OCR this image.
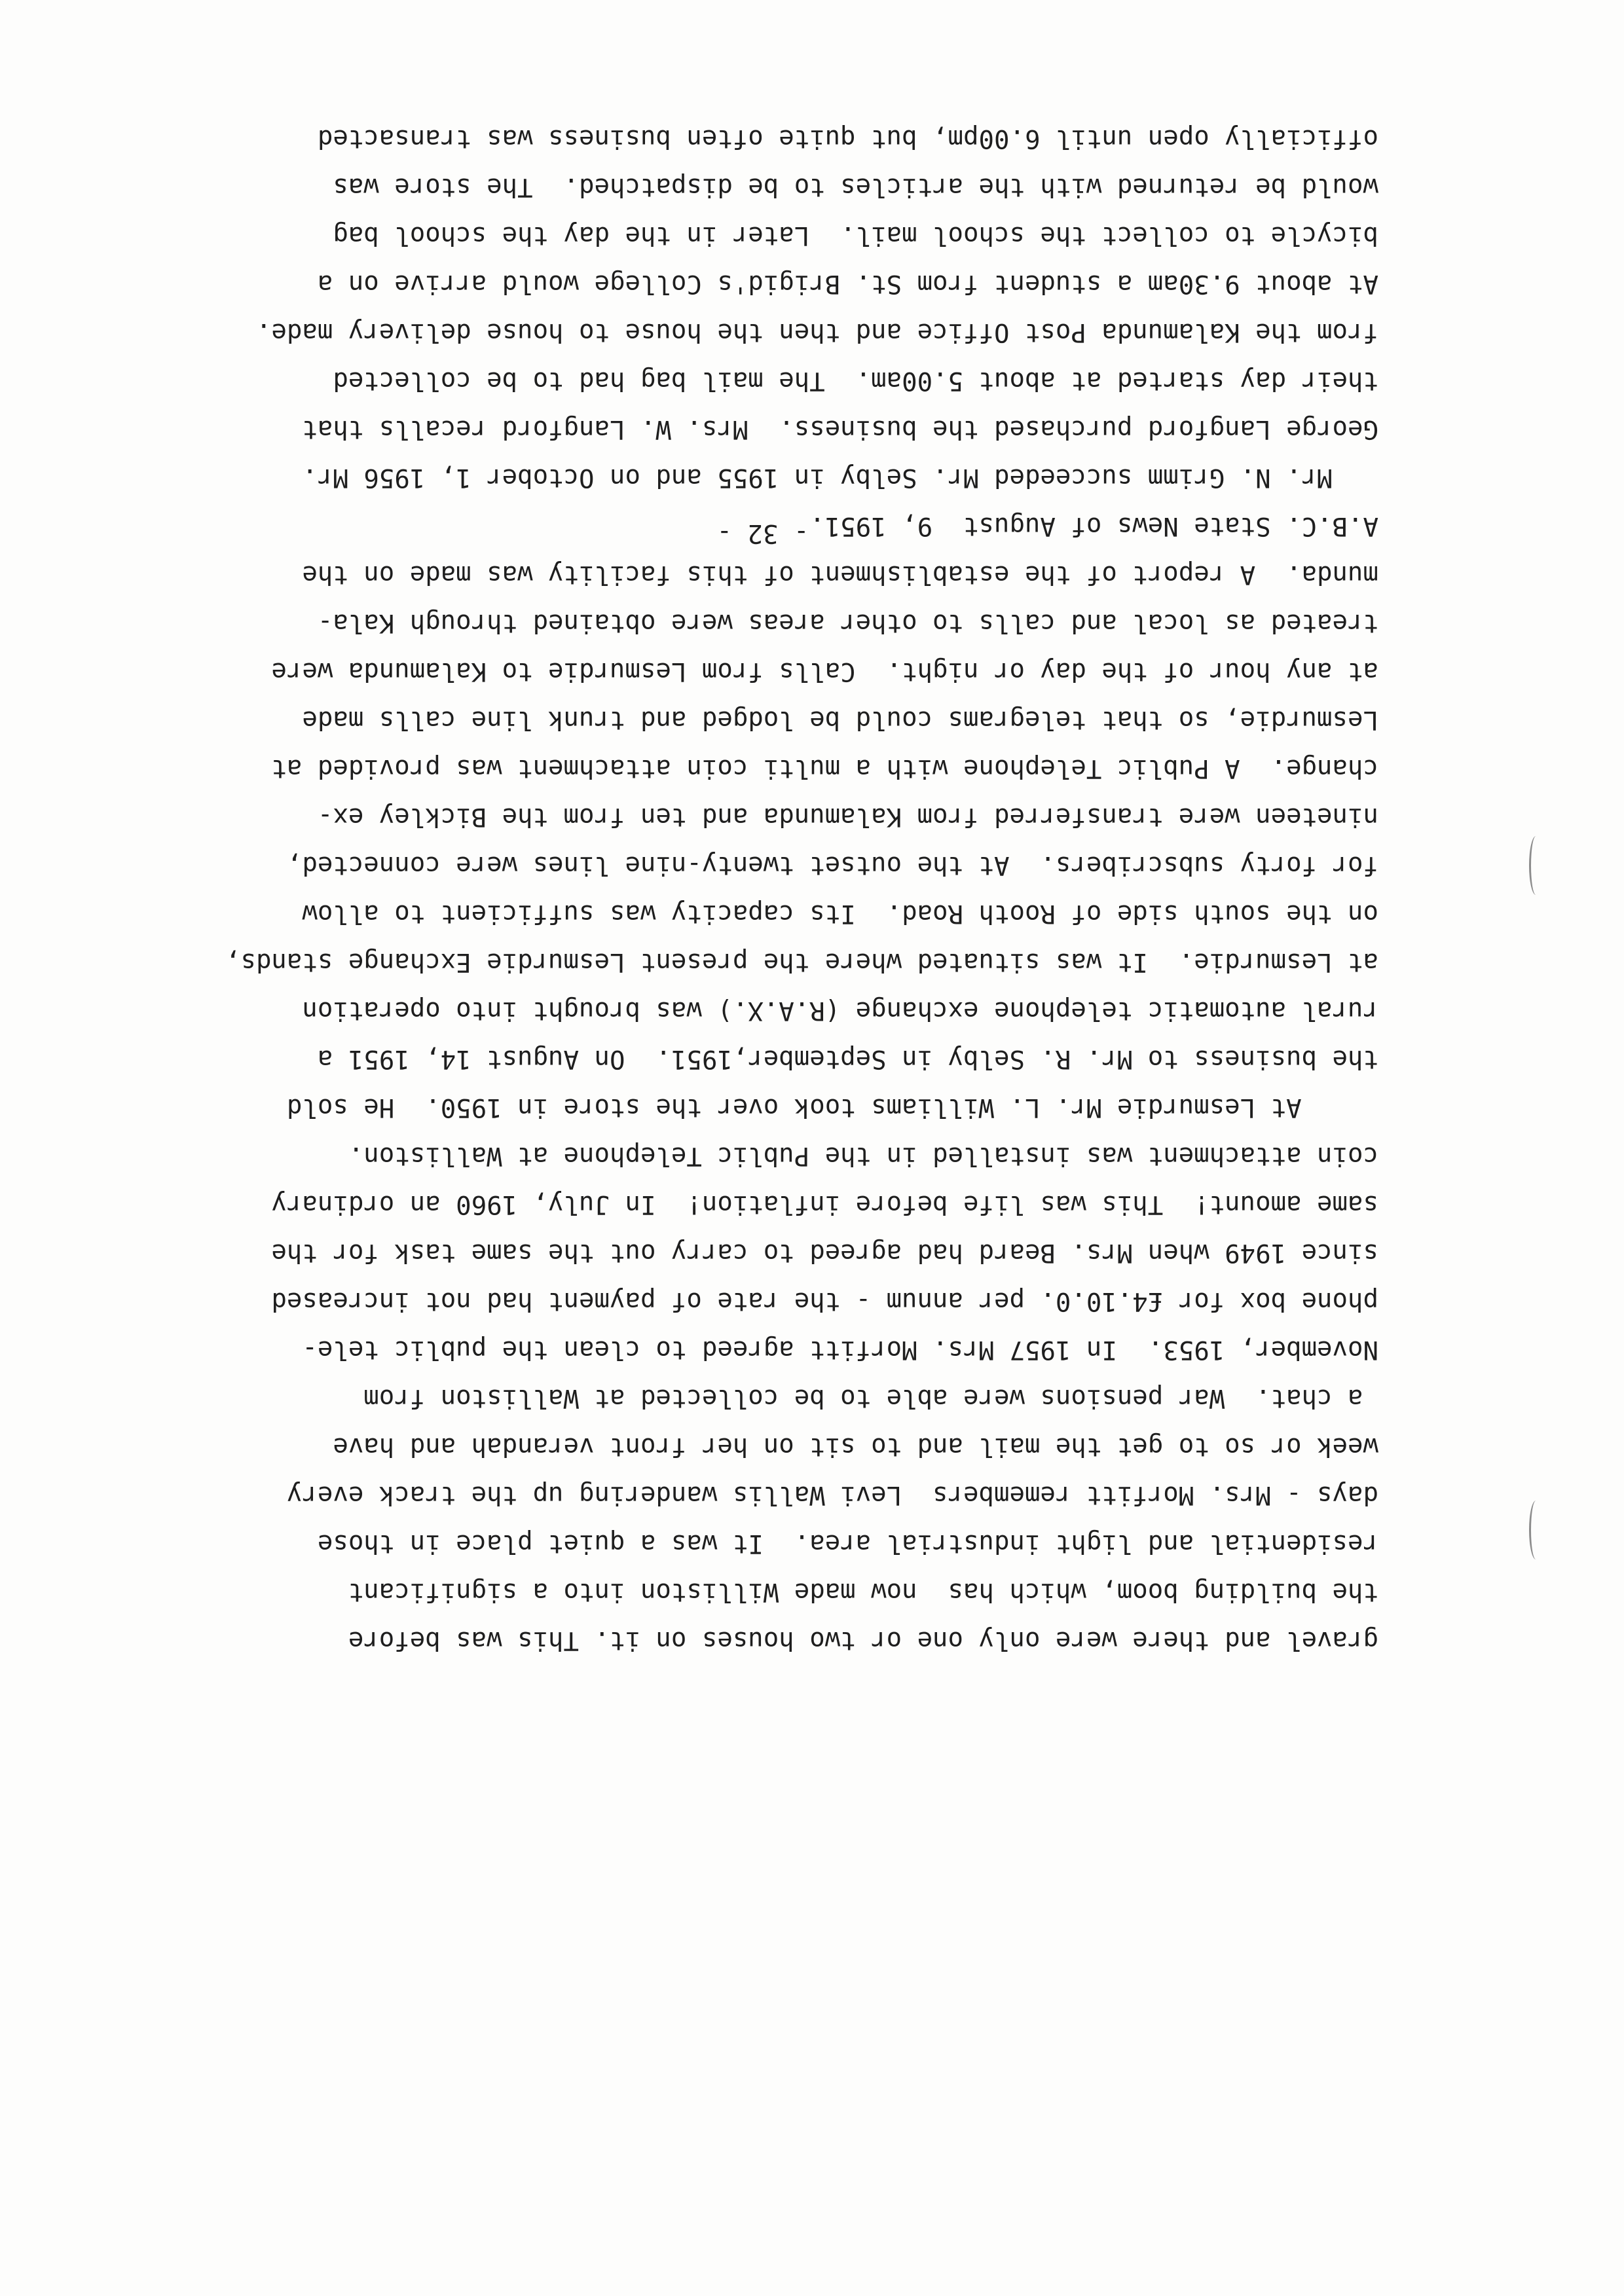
gravel and there were only one or two houses on it. This was before

the building boom, which has  now made Williston into a significant

residential and light industrial area.  It was a quiet place in those

days - Mrs. Morfitt remembers  Levi Wallis wandering up the track every

week or so to get the mail and to sit on her front verandah and have

a chat.  War pensions were able to be collected at Walliston from

November, 1953.  In 1957 Mrs. Morfitt agreed to clean the public tele-

phone box for £4.10.0. per annum - the rate of payment had not increased

since 1949 when Mrs. Beard had agreed to carry out the same task for the

same amount!  This was life before inflation!  In July, 1960 an ordinary

coin attachment was installed in the Public Telephone at Walliston.

At Lesmurdie Mr. L. Williams took over the store in 1950.  He sold

the business to Mr. R. Selby in September,1951.  On August 14, 1951 a

rural automatic telephone exchange (R.A.X.) was brought into operation

at Lesmurdie.  It was situated where the present Lesmurdie Exchange stands,

on the south side of Rooth Road.  Its capacity was sufficient to allow

for forty subscribers.  At the outset twenty-nine lines were connected,

nineteen were transferred from Kalamunda and ten from the Bickley ex-

change.  A Public Telephone with a multi coin attachment was provided at

Lesmurdie, so that telegrams could be lodged and trunk line calls made

at any hour of the day or night.  Calls from Lesmurdie to Kalamunda were

treated as local and calls to other areas were obtained through Kala-

munda.  A report of the establishment of this facility was made on the

A.B.C. State News of August  9, 1951.

Mr. N. Grimm succeeded Mr. Selby in 1955 and on October 1, 1956 Mr.

George Langford purchased the business.  Mrs. W. Langford recalls that

their day started at about 5.00am.  The mail bag had to be collected

from the Kalamunda Post Office and then the house to house delivery made.

At about 9.30am a student from St. Brigid's College would arrive on a

bicycle to collect the school mail.  Later in the day the school bag

would be returned with the articles to be dispatched.  The store was

officially open until 6.00pm, but quite often business was transacted

- 32 -
